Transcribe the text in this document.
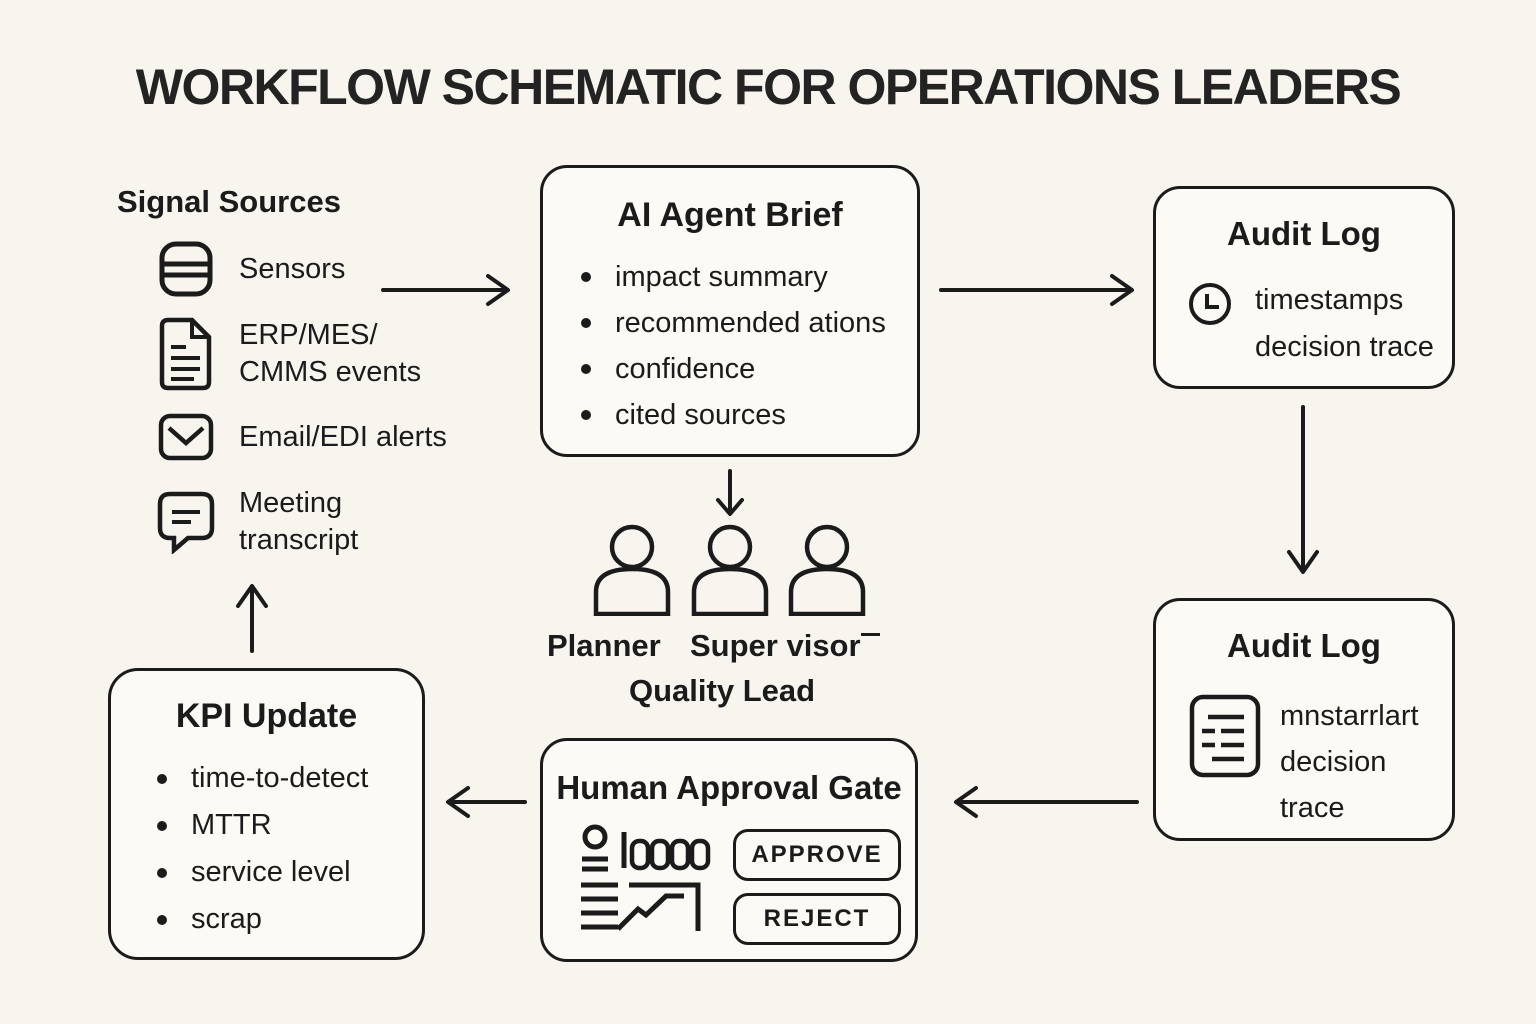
WORKFLOW SCHEMATIC FOR OPERATIONS LEADERS
Signal Sources
Sensors
ERP/MES/
CMMS events
Email/EDI alerts
Meeting
transcript
AI Agent Brief
impact summary
recommended ations
confidence
cited sources
Audit Log
timestamps
decision trace
Audit Log
mnstarrlart
decision
trace
Planner Super visor
Quality Lead
KPI Update
time-to-detect
MTTR
service level
scrap
Human Approval Gate
APPROVE
REJECT
